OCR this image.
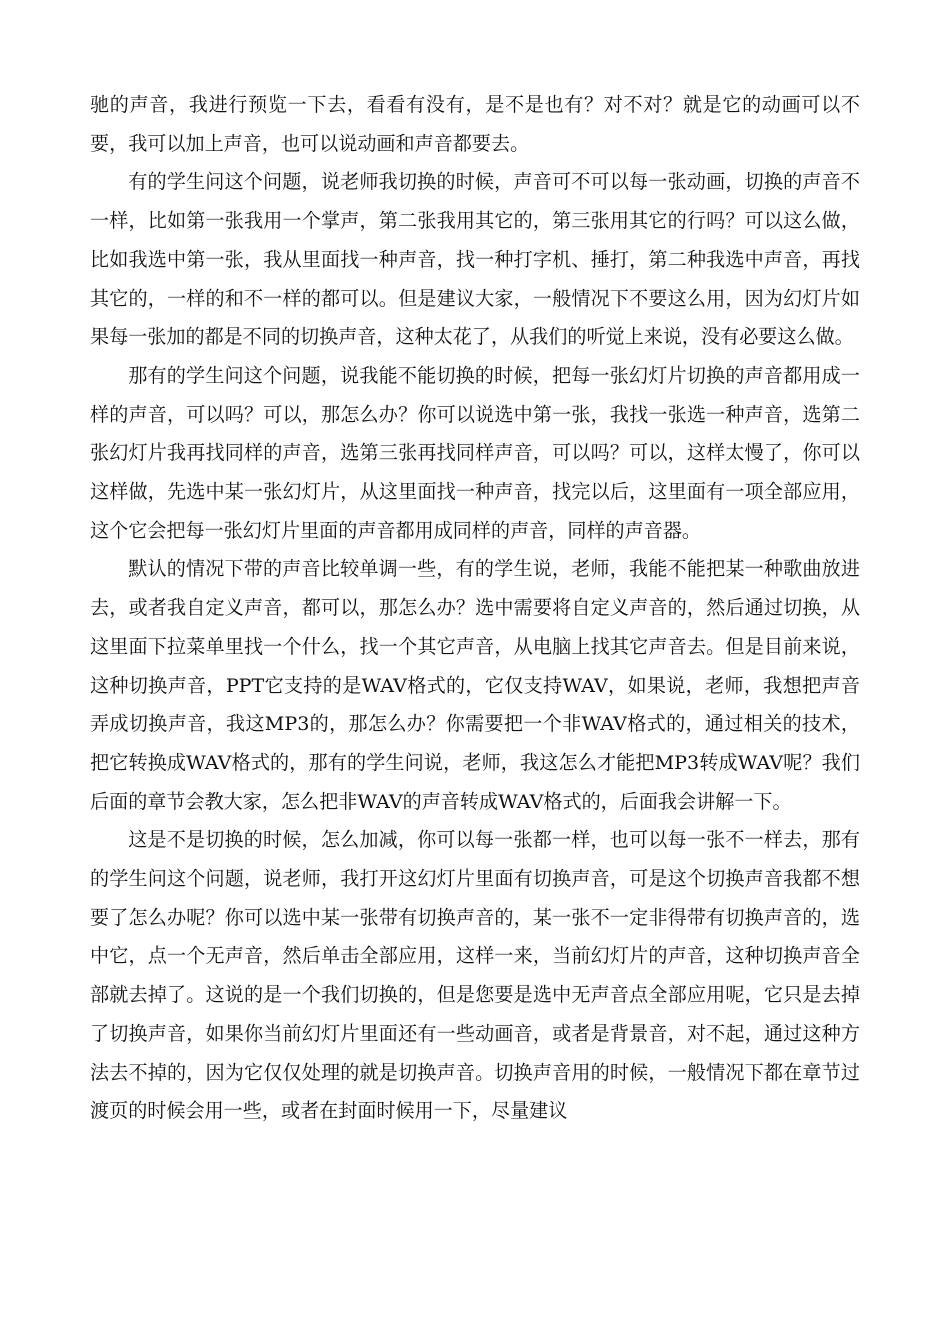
驰的声音，我进行预览一下去，看看有没有，是不是也有？对不对？就是它的动画可以不要，我可以加上声音，也可以说动画和声音都要去。

有的学生问这个问题，说老师我切换的时候，声音可不可以每一张动画，切换的声音不一样，比如第一张我用一个掌声，第二张我用其它的，第三张用其它的行吗？可以这么做，比如我选中第一张，我从里面找一种声音，找一种打字机、捶打，第二种我选中声音，再找其它的，一样的和不一样的都可以。但是建议大家，一般情况下不要这么用，因为幻灯片如果每一张加的都是不同的切换声音，这种太花了，从我们的听觉上来说，没有必要这么做。

那有的学生问这个问题，说我能不能切换的时候，把每一张幻灯片切换的声音都用成一样的声音，可以吗？可以，那怎么办？你可以说选中第一张，我找一张选一种声音，选第二张幻灯片我再找同样的声音，选第三张再找同样声音，可以吗？可以，这样太慢了，你可以这样做，先选中某一张幻灯片，从这里面找一种声音，找完以后，这里面有一项全部应用，这个它会把每一张幻灯片里面的声音都用成同样的声音，同样的声音器。

默认的情况下带的声音比较单调一些，有的学生说，老师，我能不能把某一种歌曲放进去，或者我自定义声音，都可以，那怎么办？选中需要将自定义声音的，然后通过切换，从这里面下拉菜单里找一个什么，找一个其它声音，从电脑上找其它声音去。但是目前来说，这种切换声音，PPT它支持的是WAV格式的，它仅支持WAV，如果说，老师，我想把声音弄成切换声音，我这MP3的，那怎么办？你需要把一个非WAV格式的，通过相关的技术，把它转换成WAV格式的，那有的学生问说，老师，我这怎么才能把MP3转成WAV呢？我们后面的章节会教大家，怎么把非WAV的声音转成WAV格式的，后面我会讲解一下。

这是不是切换的时候，怎么加减，你可以每一张都一样，也可以每一张不一样去，那有的学生问这个问题，说老师，我打开这幻灯片里面有切换声音，可是这个切换声音我都不想要了怎么办呢？你可以选中某一张带有切换声音的，某一张不一定非得带有切换声音的，选中它，点一个无声音，然后单击全部应用，这样一来，当前幻灯片的声音，这种切换声音全部就去掉了。这说的是一个我们切换的，但是您要是选中无声音点全部应用呢，它只是去掉了切换声音，如果你当前幻灯片里面还有一些动画音，或者是背景音，对不起，通过这种方法去不掉的，因为它仅仅处理的就是切换声音。切换声音用的时候，一般情况下都在章节过渡页的时候会用一些，或者在封面时候用一下，尽量建议
